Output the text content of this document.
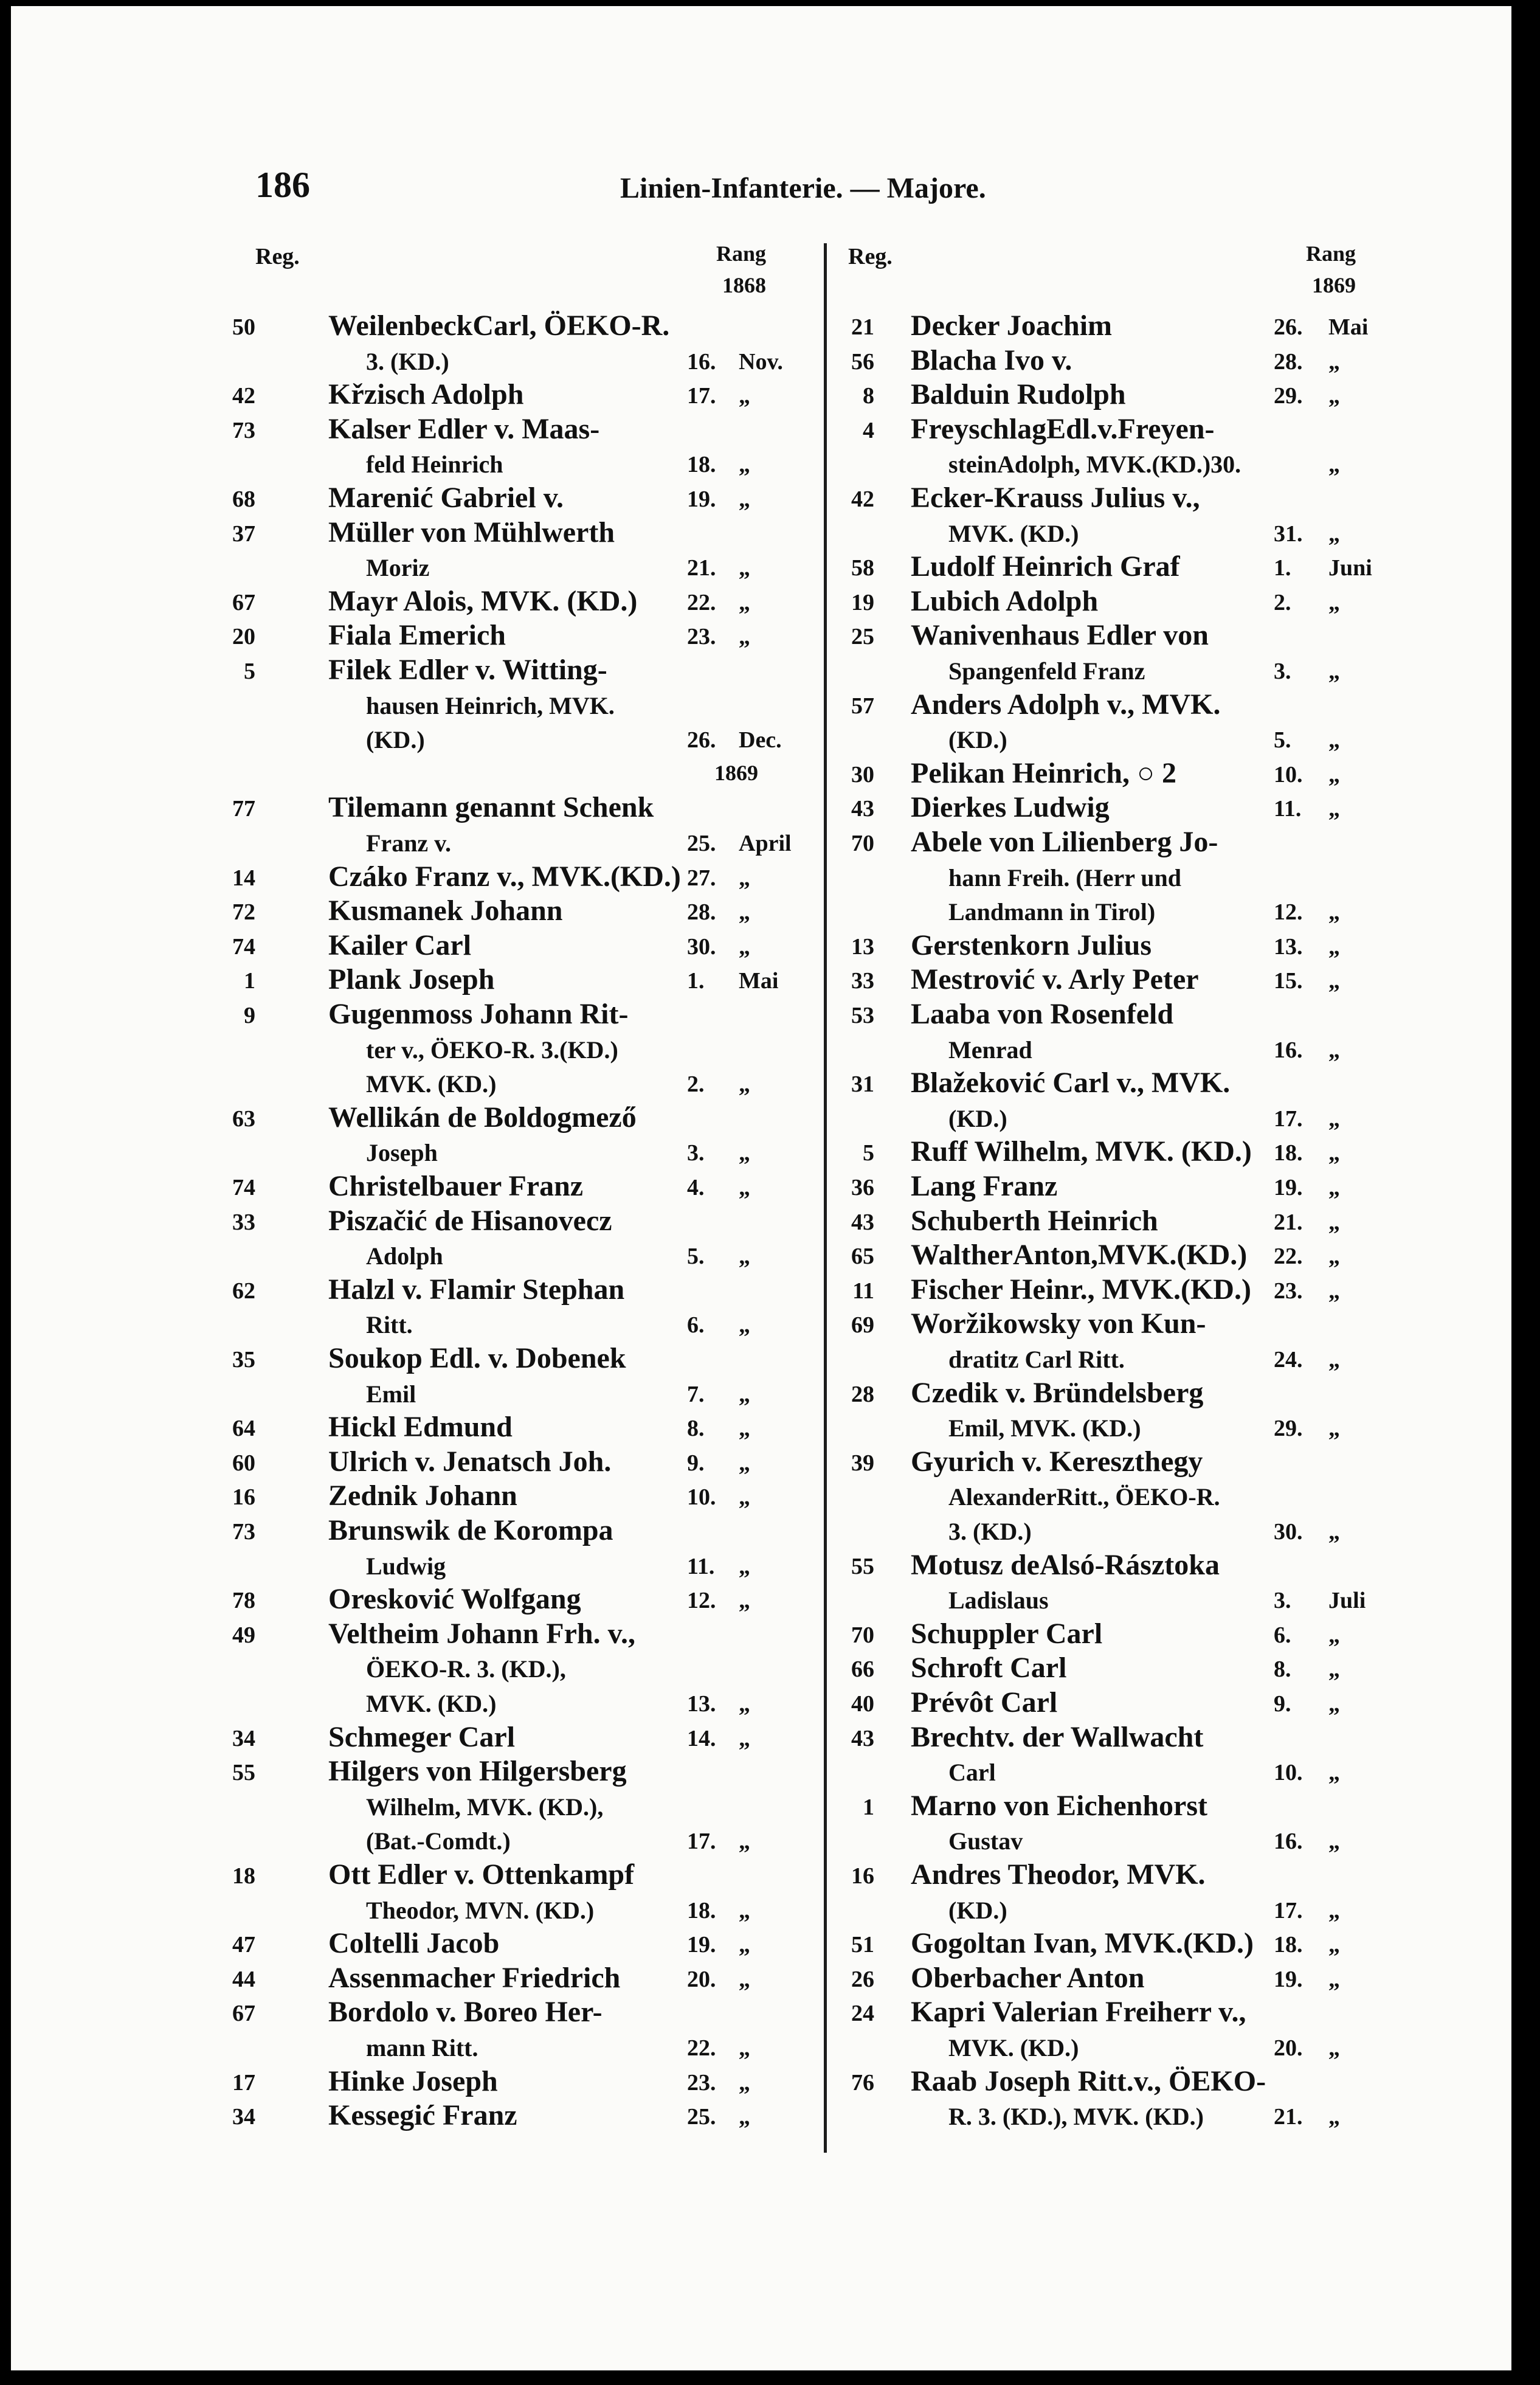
186	Linien-Infanterie. — Majore.
Reg.	Rang
1868
Reg.	Rang
1869
50	WeilenbeckCarl, ÖEKO-R.
3. (KD.)	16. Nov.
42	Křzisch Adolph	17. „
73	Kalser Edler v. Maas-
feld Heinrich	18. „
68	Marenić Gabriel v.	19. „
37	Müller von Mühlwerth
Moriz	21. „
67	Mayr Alois, MVK. (KD.) 22. „
20	Fiala Emerich	23. „
5	Filek Edler v. Witting-
hausen Heinrich, MVK.
(KD.)	26. Dec.
1869
77	Tilemann genannt Schenk
Franz v.	25. April
14	Czáko Franz v., MVK.(KD.) 27. „
72	Kusmanek Johann	28. „
74	Kailer Carl	30. „
1	Plank Joseph	1. Mai
9	Gugenmoss Johann Rit-
ter v., ÖEKO-R. 3.(KD.)
MVK. (KD.)	2. „
63	Wellikán de Boldogmező
Joseph	3. „
74	Christelbauer Franz	4. „
33	Piszačić de Hisanovecz
Adolph	5. „
62	Halzl v. Flamir Stephan
Ritt.	6. „
35	Soukop Edl. v. Dobenek
Emil	7. „
64	Hickl Edmund	8. „
60	Ulrich v. Jenatsch Joh.	9. „
16	Zednik Johann	10. „
73	Brunswik de Korompa
Ludwig	11. „
78	Oresković Wolfgang	12. „
49	Veltheim Johann Frh. v.,
ÖEKO-R. 3. (KD.),
MVK. (KD.)	13. „
34	Schmeger Carl	14. „
55	Hilgers von Hilgersberg
Wilhelm, MVK. (KD.),
(Bat.-Comdt.)	17. „
18	Ott Edler v. Ottenkampf
Theodor, MVN. (KD.)	18. „
47	Coltelli Jacob	19. „
44	Assenmacher Friedrich	20. „
67	Bordolo v. Boreo Her-
mann Ritt.	22. „
17	Hinke Joseph	23. „
34	Kessegić Franz	25. „
21 Decker Joachim	26. Mai
56 Blacha Ivo v.	28. „
8 Balduin Rudolph	29. „
4 FreyschlagEdl.v.Freyen-
steinAdolph, MVK.(KD.)30.	„
42 Ecker-Krauss Julius v.,
MVK. (KD.)	31. „
58 Ludolf Heinrich Graf	1. Juni
19 Lubich Adolph	2. „
25 Wanivenhaus Edler von
Spangenfeld Franz	3. „
57 Anders Adolph v., MVK.
(KD.)	5. „
30 Pelikan Heinrich, ○ 2	10. „
43 Dierkes Ludwig	11. „
70 Abele von Lilienberg Jo-
hann Freih. (Herr und
Landmann in Tirol)	12. „
13 Gerstenkorn Julius	13. „
33 Mestrović v. Arly Peter	15. „
53 Laaba von Rosenfeld
Menrad	16. „
31 Blažeković Carl v., MVK.
(KD.)	17. „
5 Ruff Wilhelm, MVK. (KD.) 18. „
36 Lang Franz	19. „
43 Schuberth Heinrich	21. „
65 WaltherAnton,MVK.(KD.) 22. „
11 Fischer Heinr., MVK.(KD.) 23. „
69 Woržikowsky von Kun-
dratitz Carl Ritt.	24. „
28 Czedik v. Bründelsberg
Emil, MVK. (KD.)	29. „
39 Gyurich v. Kereszthegy
AlexanderRitt., ÖEKO-R.
3. (KD.)	30. „
55 Motusz deAlsó-Rásztoka
Ladislaus	3. Juli
70 Schuppler Carl	6. „
66 Schroft Carl	8. „
40 Prévôt Carl	9. „
43 Brechtv. der Wallwacht
Carl	10. „
1 Marno von Eichenhorst
Gustav	16. „
16 Andres Theodor, MVK.
(KD.)	17. „
51 Gogoltan Ivan, MVK.(KD.) 18. „
26 Oberbacher Anton	19. „
24 Kapri Valerian Freiherr v.,
MVK. (KD.)	20. „
76 Raab Joseph Ritt.v., ÖEKO-
R. 3. (KD.), MVK. (KD.)	21. „
